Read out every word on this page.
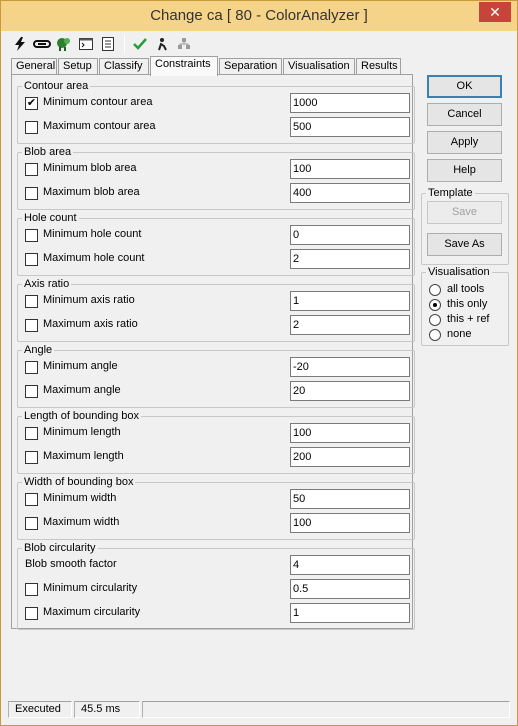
Change ca [ 80 - ColorAnalyzer ]	✕
General Setup	Classify	Constraints	Separation Visualisation	Results
Contour area
✔ Minimum contour area	1000
Maximum contour area	500
Blob area
Minimum blob area	100
Maximum blob area	400
Hole count
Minimum hole count	0
Maximum hole count	2
Axis ratio
Minimum axis ratio	1
Maximum axis ratio	2
Angle
Minimum angle	-20
Maximum angle	20
Length of bounding box
Minimum length	100
Maximum length	200
Width of bounding box
Minimum width	50
Maximum width	100
Blob circularity
Blob smooth factor	4
Minimum circularity	0.5
Maximum circularity	1
OK
Cancel
Apply
Help
Template
Save
Save As
Visualisation
all tools
this only
this + ref
none
Executed	45.5 ms
